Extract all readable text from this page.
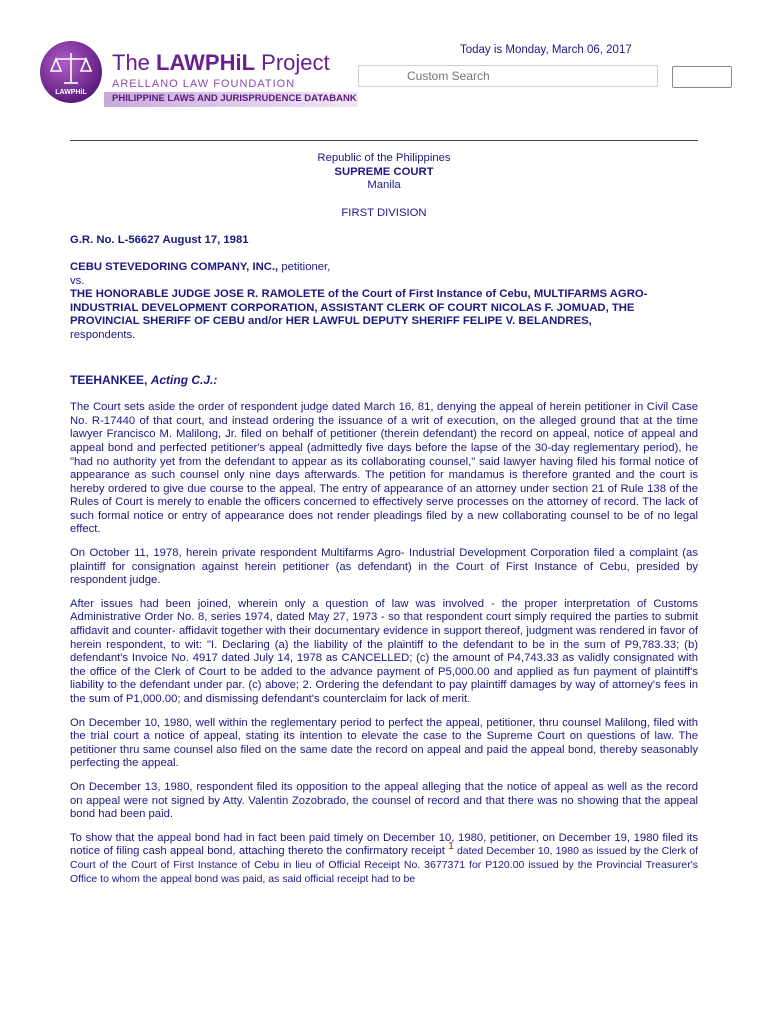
LAWPHiL
The LAWPHiL Project
ARELLANO LAW FOUNDATION
PHILIPPINE LAWS AND JURISPRUDENCE DATABANK
Today is Monday, March 06, 2017
Custom Search
Republic of the Philippines
SUPREME COURT
Manila
FIRST DIVISION
G.R. No. L-56627 August 17, 1981
CEBU STEVEDORING COMPANY, INC., petitioner,
vs.
THE HONORABLE JUDGE JOSE R. RAMOLETE of the Court of First Instance of Cebu, MULTIFARMS AGRO-INDUSTRIAL DEVELOPMENT CORPORATION, ASSISTANT CLERK OF COURT NICOLAS F. JOMUAD, THE PROVINCIAL SHERIFF OF CEBU and/or HER LAWFUL DEPUTY SHERIFF FELIPE V. BELANDRES,
respondents.
TEEHANKEE, Acting C.J.:

The Court sets aside the order of respondent judge dated March 16, 81, denying the appeal of herein petitioner in Civil Case No. R-17440 of that court, and instead ordering the issuance of a writ of execution, on the alleged ground that at the time lawyer Francisco M. Malilong, Jr. filed on behalf of petitioner (therein defendant) the record on appeal, notice of appeal and appeal bond and perfected petitioner's appeal (admittedly five days before the lapse of the 30-day reglementary period), he "had no authority yet from the defendant to appear as its collaborating counsel," said lawyer having filed his formal notice of appearance as such counsel only nine days afterwards. The petition for mandamus is therefore granted and the court is hereby ordered to give due course to the appeal. The entry of appearance of an attorney under section 21 of Rule 138 of the Rules of Court is merely to enable the officers concerned to effectively serve processes on the attorney of record. The lack of such formal notice or entry of appearance does not render pleadings filed by a new collaborating counsel to be of no legal effect.

On October 11, 1978, herein private respondent Multifarms Agro- Industrial Development Corporation filed a complaint (as plaintiff for consignation against herein petitioner (as defendant) in the Court of First Instance of Cebu, presided by respondent judge.

After issues had been joined, wherein only a question of law was involved - the proper interpretation of Customs Administrative Order No. 8, series 1974, dated May 27, 1973 - so that respondent court simply required the parties to submit affidavit and counter- affidavit together with their documentary evidence in support thereof, judgment was rendered in favor of herein respondent, to wit: "I. Declaring (a) the liability of the plaintiff to the defendant to be in the sum of P9,783.33; (b) defendant's Invoice No. 4917 dated July 14, 1978 as CANCELLED; (c) the amount of P4,743.33 as validly consignated with the office of the Clerk of Court to be added to the advance payment of P5,000.00 and applied as fun payment of plaintiff's liability to the defendant under par. (c) above; 2. Ordering the defendant to pay plaintiff damages by way of attorney's fees in the sum of P1,000.00; and dismissing defendant's counterclaim for lack of merit.

On December 10, 1980, well within the reglementary period to perfect the appeal, petitioner, thru counsel Malilong, filed with the trial court a notice of appeal, stating its intention to elevate the case to the Supreme Court on questions of law. The petitioner thru same counsel also filed on the same date the record on appeal and paid the appeal bond, thereby seasonably perfecting the appeal.

On December 13, 1980, respondent filed its opposition to the appeal alleging that the notice of appeal as well as the record on appeal were not signed by Atty. Valentin Zozobrado, the counsel of record and that there was no showing that the appeal bond had been paid.

To show that the appeal bond had in fact been paid timely on December 10, 1980, petitioner, on December 19, 1980 filed its notice of filing cash appeal bond, attaching thereto the confirmatory receipt 1 dated December 10, 1980 as issued by the Clerk of Court of the Court of First Instance of Cebu in lieu of Official Receipt No. 3677371 for P120.00 issued by the Provincial Treasurer's Office to whom the appeal bond was paid, as said official receipt had to be
